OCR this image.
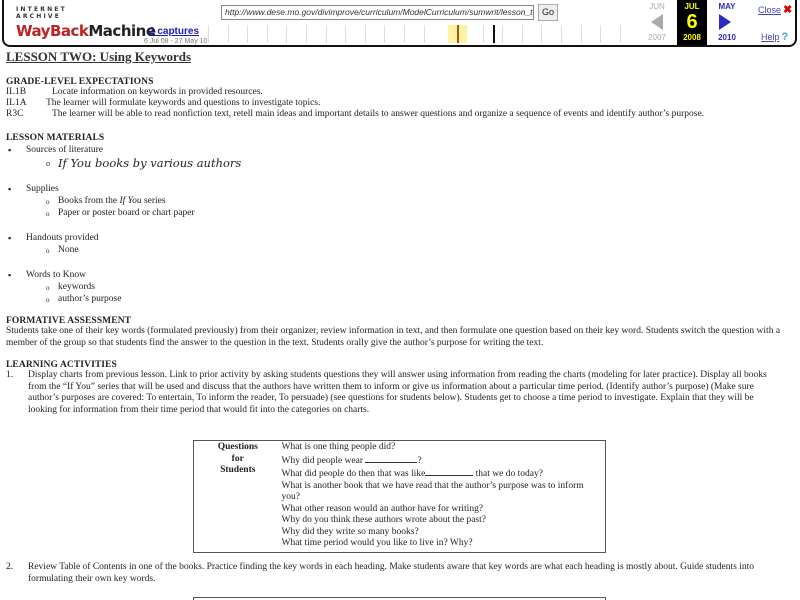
INTERNET ARCHIVE
WayBackMachine
2 captures
6 Jul 08 - 27 May 10
http://www.dese.mo.gov/divimprove/curriculum/ModelCurriculum/sumwrit/lesson_t	Go
JUN
2007
JUL
6
2008
MAY
2010
Close ✖
Help ?
LESSON TWO: Using Keywords
GRADE-LEVEL EXPECTATIONS
IL1B	Locate information on keywords in provided resources.
IL1A	The learner will formulate keywords and questions to investigate topics.
R3C	The learner will be able to read nonfiction text, retell main ideas and important details to answer questions and organize a sequence of events and identify author’s purpose.
LESSON MATERIALS
▪ Sources of literature
o If You books by various authors
▪ Supplies
o Books from the If You series
o Paper or poster board or chart paper
▪ Handouts provided
o None
▪ Words to Know
o keywords
o author’s purpose
FORMATIVE ASSESSMENT

Students take one of their key words (formulated previously) from their organizer, review information in text, and then formulate one question based on their key word. Students switch the question with a member of the group so that students find the answer to the question in the text. Students orally give the author’s purpose for writing the text.

LEARNING ACTIVITIES
1.	Display charts from previous lesson. Link to prior activity by asking students questions they will answer using information from reading the charts (modeling for later practice). Display all books from the “If You” series that will be used and discuss that the authors have written them to inform or give us information about a particular time period. (Identify author’s purpose) (Make sure author’s purposes are covered: To entertain, To inform the reader, To persuade) (see questions for students below). Students get to choose a time period to investigate. Explain that they will be looking for information from their time period that would fit into the categories on charts.
Questions
for
Students

What is one thing people did?
Why did people wear	?
What did people do then that was like	that we do today?
What is another book that we have read that the author’s purpose was to inform you?
What other reason would an author have for writing?
Why do you think these authors wrote about the past?
Why did they write so many books?
What time period would you like to live in? Why?
2.	Review Table of Contents in one of the books. Practice finding the key words in each heading. Make students aware that key words are what each heading is mostly about. Guide students into formulating their own key words.
